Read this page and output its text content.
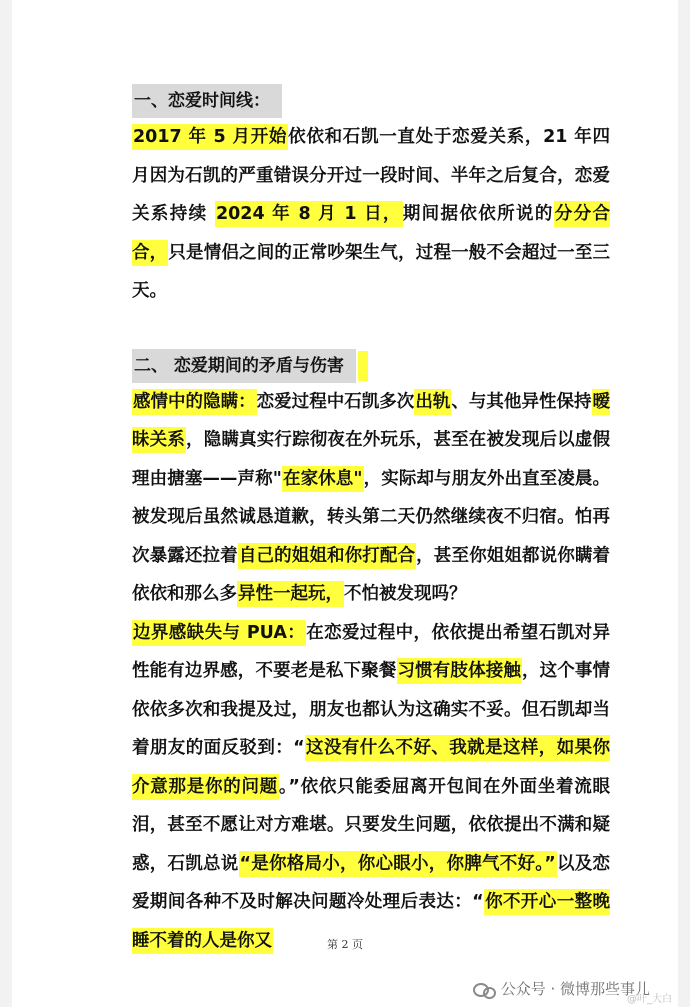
一、恋爱时间线：

2017 年 5 月开始依依和石凯一直处于恋爱关系，21 年四月因为石凯的严重错误分开过一段时间、半年之后复合，恋爱关系持续 2024 年 8 月 1 日，期间据依依所说的分分合合，只是情侣之间的正常吵架生气，过程一般不会超过一至三天。

二、 恋爱期间的矛盾与伤害

感情中的隐瞒：恋爱过程中石凯多次出轨、与其他异性保持暧昧关系，隐瞒真实行踪彻夜在外玩乐，甚至在被发现后以虚假理由搪塞——声称"在家休息"，实际却与朋友外出直至凌晨。被发现后虽然诚恳道歉，转头第二天仍然继续夜不归宿。怕再次暴露还拉着自己的姐姐和你打配合，甚至你姐姐都说你瞒着依依和那么多异性一起玩，不怕被发现吗？

边界感缺失与 PUA：在恋爱过程中，依依提出希望石凯对异性能有边界感，不要老是私下聚餐习惯有肢体接触，这个事情依依多次和我提及过，朋友也都认为这确实不妥。但石凯却当着朋友的面反驳到：“这没有什么不好、我就是这样，如果你介意那是你的问题。”依依只能委屈离开包间在外面坐着流眼泪，甚至不愿让对方难堪。只要发生问题，依依提出不满和疑惑，石凯总说“是你格局小，你心眼小，你脾气不好。”以及恋爱期间各种不及时解决问题冷处理后表达：“你不开心一整晚睡不着的人是你又	第 2 页
公众号 · 微博那些事儿
@叶_大白
